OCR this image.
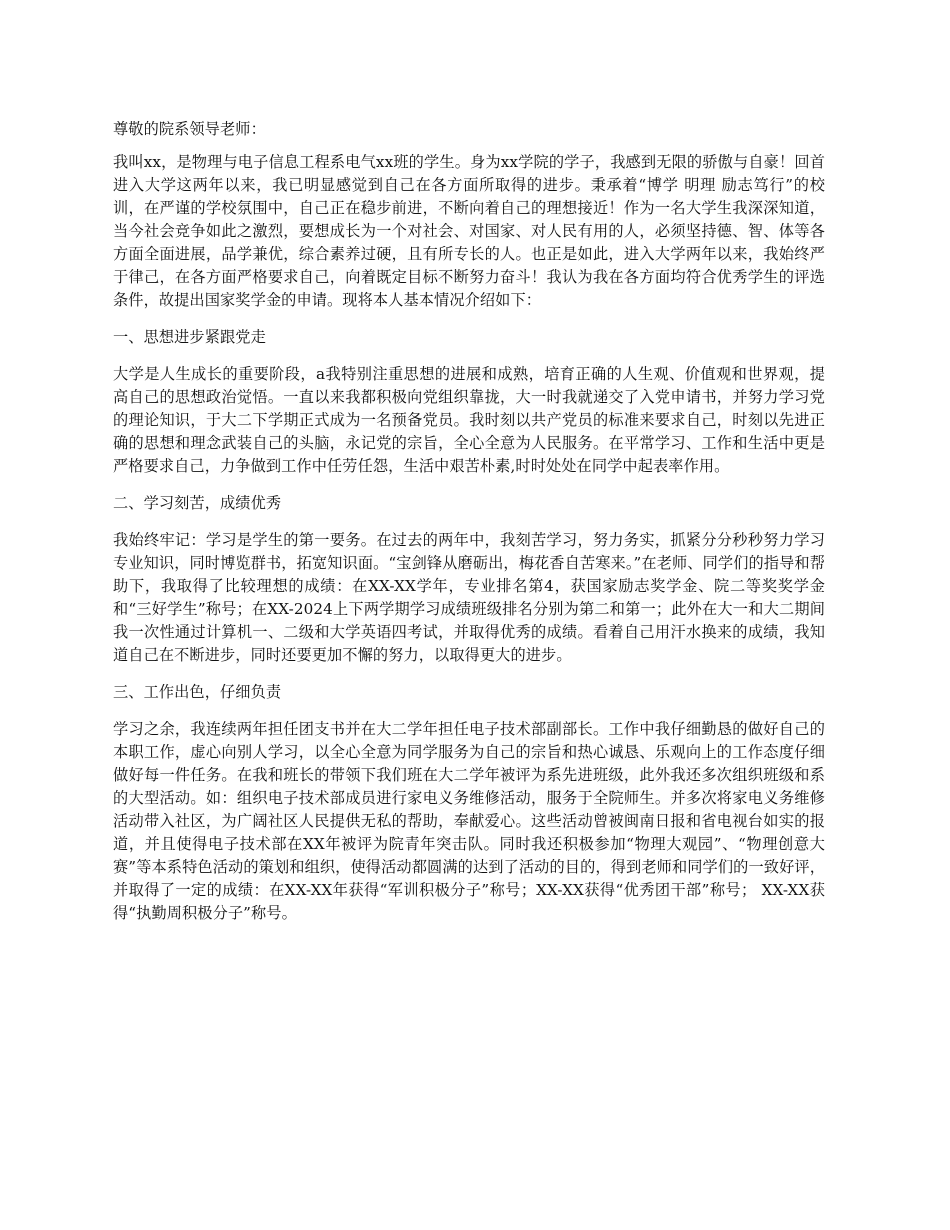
尊敬的院系领导老师：

我叫xx，是物理与电子信息工程系电气xx班的学生。身为xx学院的学子，我感到无限的骄傲与自豪！回首进入大学这两年以来，我已明显感觉到自己在各方面所取得的进步。秉承着“博学 明理 励志笃行”的校训，在严谨的学校氛围中，自己正在稳步前进，不断向着自己的理想接近！作为一名大学生我深深知道，当今社会竞争如此之激烈，要想成长为一个对社会、对国家、对人民有用的人，必须坚持德、智、体等各方面全面进展，品学兼优，综合素养过硬，且有所专长的人。也正是如此，进入大学两年以来，我始终严于律己，在各方面严格要求自己，向着既定目标不断努力奋斗！我认为我在各方面均符合优秀学生的评选条件，故提出国家奖学金的申请。现将本人基本情况介绍如下：

一、思想进步紧跟党走

大学是人生成长的重要阶段，a我特别注重思想的进展和成熟，培育正确的人生观、价值观和世界观，提高自己的思想政治觉悟。一直以来我都积极向党组织靠拢，大一时我就递交了入党申请书，并努力学习党的理论知识，于大二下学期正式成为一名预备党员。我时刻以共产党员的标准来要求自己，时刻以先进正确的思想和理念武装自己的头脑，永记党的宗旨，全心全意为人民服务。在平常学习、工作和生活中更是严格要求自己，力争做到工作中任劳任怨，生活中艰苦朴素,时时处处在同学中起表率作用。

二、学习刻苦，成绩优秀

我始终牢记：学习是学生的第一要务。在过去的两年中，我刻苦学习，努力务实，抓紧分分秒秒努力学习专业知识，同时博览群书，拓宽知识面。“宝剑锋从磨砺出，梅花香自苦寒来。”在老师、同学们的指导和帮助下，我取得了比较理想的成绩：在XX-XX学年，专业排名第4，获国家励志奖学金、院二等奖奖学金和“三好学生”称号；在XX-2024上下两学期学习成绩班级排名分别为第二和第一；此外在大一和大二期间我一次性通过计算机一、二级和大学英语四考试，并取得优秀的成绩。看着自己用汗水换来的成绩，我知道自己在不断进步，同时还要更加不懈的努力，以取得更大的进步。

三、工作出色，仔细负责

学习之余，我连续两年担任团支书并在大二学年担任电子技术部副部长。工作中我仔细勤恳的做好自己的本职工作，虚心向别人学习，以全心全意为同学服务为自己的宗旨和热心诚恳、乐观向上的工作态度仔细做好每一件任务。在我和班长的带领下我们班在大二学年被评为系先进班级，此外我还多次组织班级和系的大型活动。如：组织电子技术部成员进行家电义务维修活动，服务于全院师生。并多次将家电义务维修活动带入社区，为广阔社区人民提供无私的帮助，奉献爱心。这些活动曾被闽南日报和省电视台如实的报道，并且使得电子技术部在XX年被评为院青年突击队。同时我还积极参加“物理大观园”、“物理创意大赛”等本系特色活动的策划和组织，使得活动都圆满的达到了活动的目的，得到老师和同学们的一致好评，并取得了一定的成绩：在XX-XX年获得“军训积极分子”称号；XX-XX获得“优秀团干部”称号； XX-XX获得“执勤周积极分子”称号。
